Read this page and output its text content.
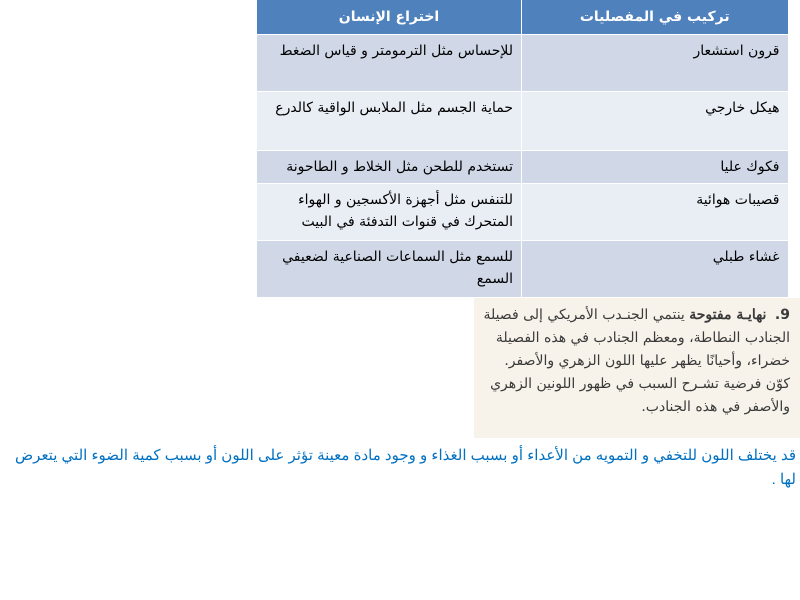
تركيب في المفصليات	اختراع الإنسان
قرون استشعار	للإحساس مثل الترمومتر و قياس الضغط
هيكل خارجي	حماية الجسم مثل الملابس الواقية كالدرع
فكوك عليا	تستخدم للطحن مثل الخلاط و الطاحونة
قصيبات هوائية	للتنفس مثل أجهزة الأكسجين و الهواء المتحرك في قنوات التدفئة في البيت
غشاء طبلي	للسمع مثل السماعات الصناعية لضعيفي السمع
9. نهايـة مفتوحة ينتمي الجنـدب الأمريكي إلى فصيلة الجنادب النطاطة، ومعظم الجنادب في هذه الفصيلة خضراء، وأحيانًا يظهر عليها اللون الزهري والأصفر. كوّن فرضية تشـرح السبب في ظهور اللونين الزهري والأصفر في هذه الجنادب.
قد يختلف اللون للتخفي و التمويه من الأعداء أو بسبب الغذاء و وجود مادة معينة تؤثر على اللون أو بسبب كمية الضوء التي يتعرض لها .
